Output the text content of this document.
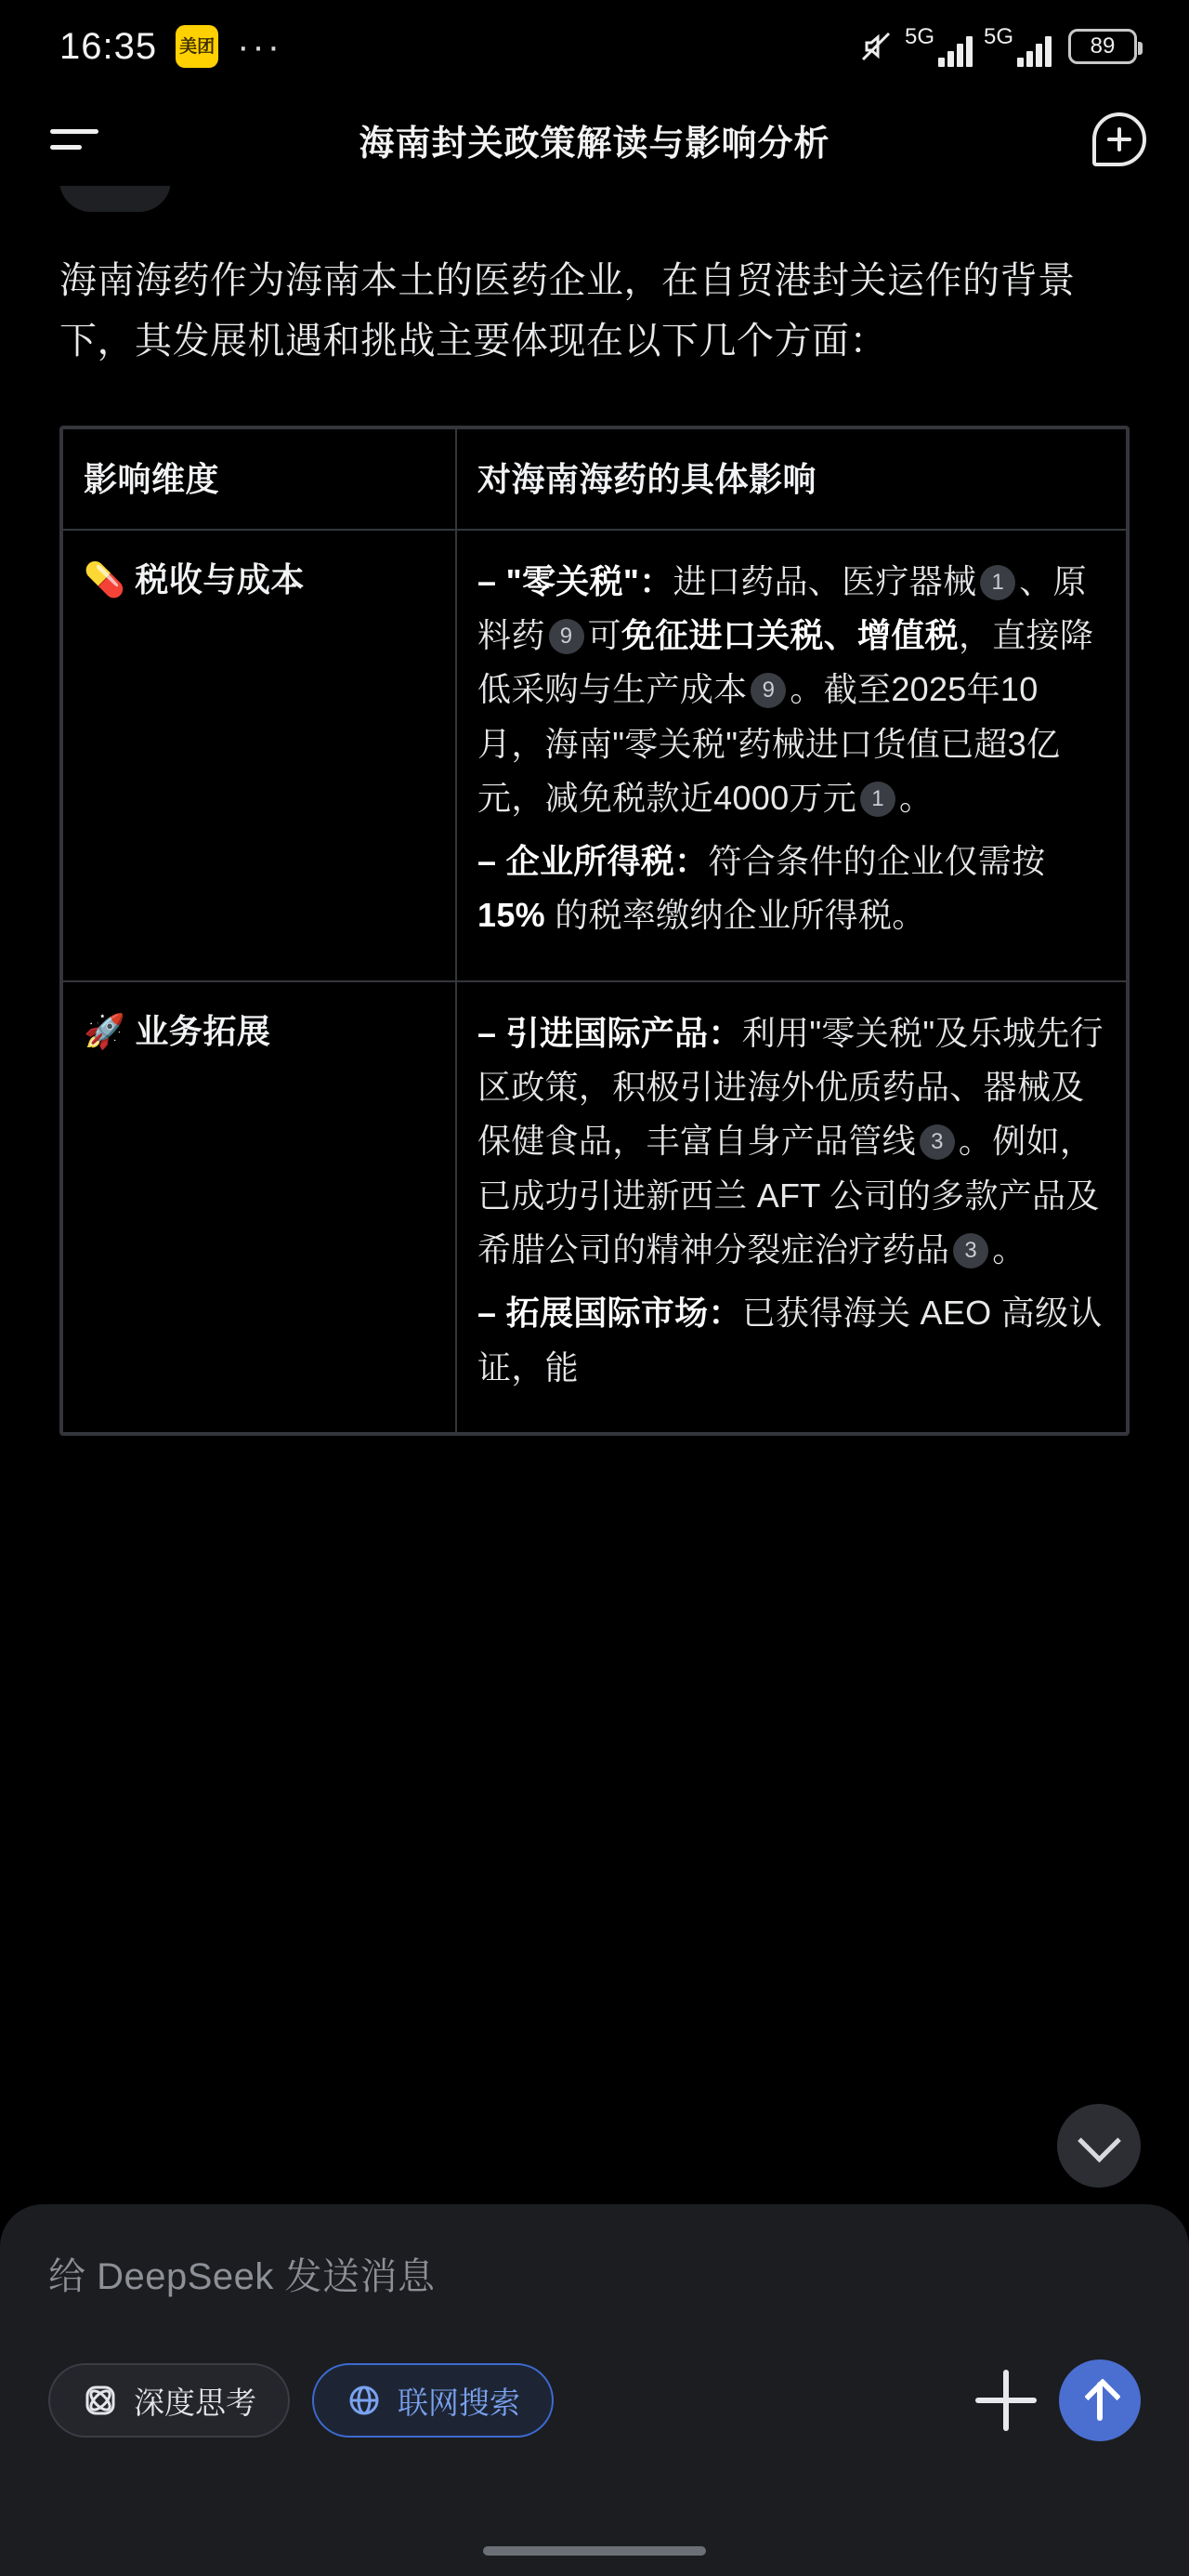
16:35 美团 ···	5G 5G	89
海南封关政策解读与影响分析
海南海药作为海南本土的医药企业，在自贸港封关运作的背景下，其发展机遇和挑战主要体现在以下几个方面：
影响维度	对海南海药的具体影响

💊 税收与成本	– "零关税"：进口药品、医疗器械 1 、原料药 9 可免征进口关税、增值税，直接降低采购与生产成本 9 。截至2025年10月，海南"零关税"药械进口货值已超3亿元，减免税款近4000万元 1 。

– 企业所得税：符合条件的企业仅需按15% 的税率缴纳企业所得税。

🚀 业务拓展	– 引进国际产品：利用"零关税"及乐城先行区政策，积极引进海外优质药品、器械及保健食品，丰富自身产品管线 3 。例如，已成功引进新西兰 AFT 公司的多款产品及希腊公司的精神分裂症治疗药品 3 。

– 拓展国际市场：已获得海关 AEO 高级认证，能

给 DeepSeek 发送消息
深度思考	联网搜索
